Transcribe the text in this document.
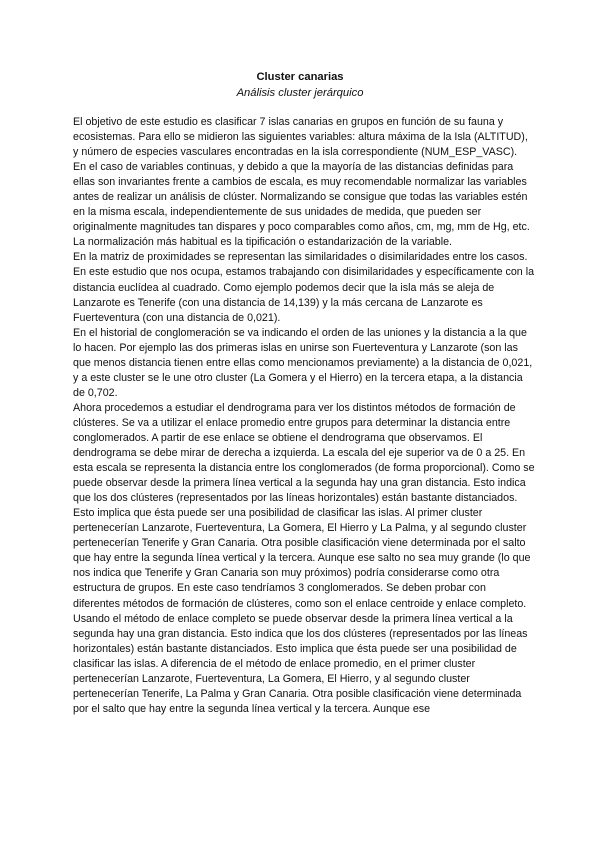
Cluster canarias
Análisis cluster jerárquico

El objetivo de este estudio es clasificar 7 islas canarias en grupos en función de su fauna y ecosistemas. Para ello se midieron las siguientes variables: altura máxima de la Isla (ALTITUD), y número de especies vasculares encontradas en la isla correspondiente (NUM_ESP_VASC).

En el caso de variables continuas, y debido a que la mayoría de las distancias definidas para ellas son invariantes frente a cambios de escala, es muy recomendable normalizar las variables antes de realizar un análisis de clúster. Normalizando se consigue que todas las variables estén en la misma escala, independientemente de sus unidades de medida, que pueden ser originalmente magnitudes tan dispares y poco comparables como años, cm, mg, mm de Hg, etc. La normalización más habitual es la tipificación o estandarización de la variable.

En la matriz de proximidades se representan las similaridades o disimilaridades entre los casos. En este estudio que nos ocupa, estamos trabajando con disimilaridades y específicamente con la distancia euclídea al cuadrado. Como ejemplo podemos decir que la isla más se aleja de Lanzarote es Tenerife (con una distancia de 14,139) y la más cercana de Lanzarote es Fuerteventura (con una distancia de 0,021).

En el historial de conglomeración se va indicando el orden de las uniones y la distancia a la que lo hacen. Por ejemplo las dos primeras islas en unirse son Fuerteventura y Lanzarote (son las que menos distancia tienen entre ellas como mencionamos previamente) a la distancia de 0,021, y a este cluster se le une otro cluster (La Gomera y el Hierro) en la tercera etapa, a la distancia de 0,702.

Ahora procedemos a estudiar el dendrograma para ver los distintos métodos de formación de clústeres. Se va a utilizar el enlace promedio entre grupos para determinar la distancia entre conglomerados. A partir de ese enlace se obtiene el dendrograma que observamos. El dendrograma se debe mirar de derecha a izquierda. La escala del eje superior va de 0 a 25. En esta escala se representa la distancia entre los conglomerados (de forma proporcional). Como se puede observar desde la primera línea vertical a la segunda hay una gran distancia. Esto indica que los dos clústeres (representados por las líneas horizontales) están bastante distanciados. Esto implica que ésta puede ser una posibilidad de clasificar las islas. Al primer cluster pertenecerían Lanzarote, Fuerteventura, La Gomera, El Hierro y La Palma, y al segundo cluster pertenecerían Tenerife y Gran Canaria. Otra posible clasificación viene determinada por el salto que hay entre la segunda línea vertical y la tercera. Aunque ese salto no sea muy grande (lo que nos indica que Tenerife y Gran Canaria son muy próximos) podría considerarse como otra estructura de grupos. En este caso tendríamos 3 conglomerados. Se deben probar con diferentes métodos de formación de clústeres, como son el enlace centroide y enlace completo.

Usando el método de enlace completo se puede observar desde la primera línea vertical a la segunda hay una gran distancia. Esto indica que los dos clústeres (representados por las líneas horizontales) están bastante distanciados. Esto implica que ésta puede ser una posibilidad de clasificar las islas. A diferencia de el método de enlace promedio, en el primer cluster pertenecerían Lanzarote, Fuerteventura, La Gomera, El Hierro, y al segundo cluster pertenecerían Tenerife, La Palma y Gran Canaria. Otra posible clasificación viene determinada por el salto que hay entre la segunda línea vertical y la tercera. Aunque ese
